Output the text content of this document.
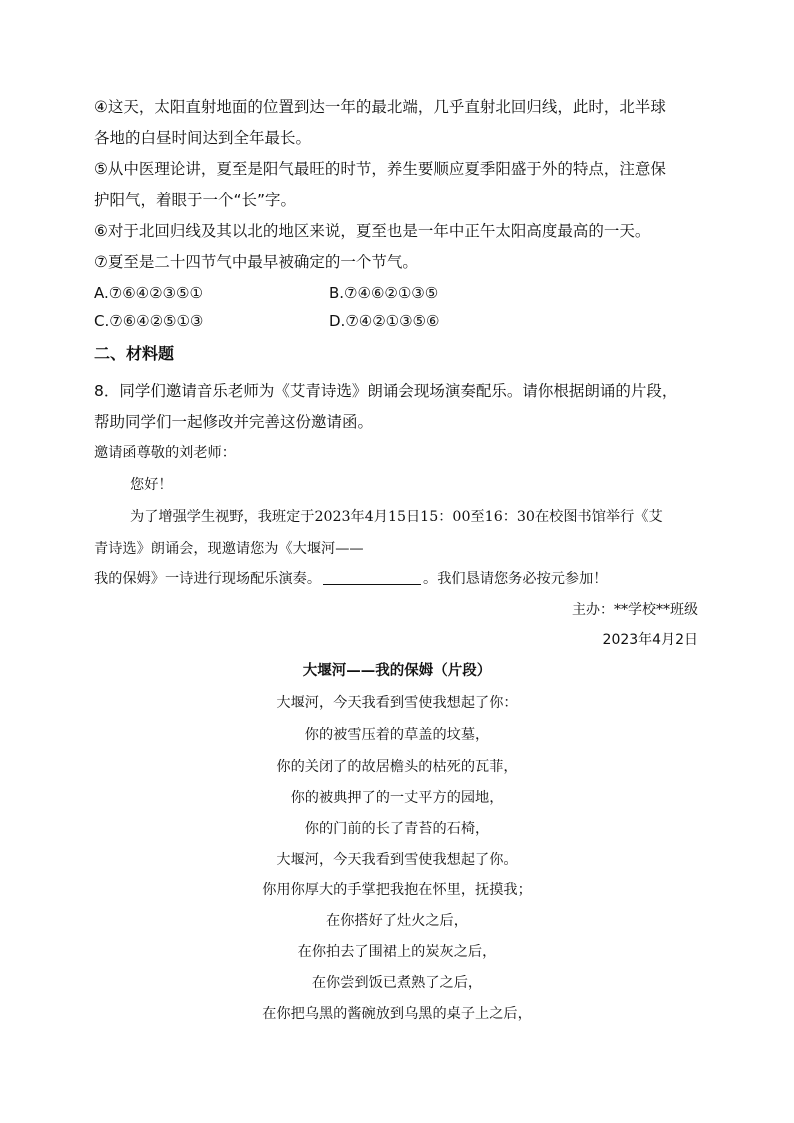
④这天，太阳直射地面的位置到达一年的最北端，几乎直射北回归线，此时，北半球
各地的白昼时间达到全年最长。
⑤从中医理论讲，夏至是阳气最旺的时节，养生要顺应夏季阳盛于外的特点，注意保
护阳气，着眼于一个“长”字。
⑥对于北回归线及其以北的地区来说，夏至也是一年中正午太阳高度最高的一天。
⑦夏至是二十四节气中最早被确定的一个节气。
A.⑦⑥④②③⑤①	B.⑦④⑥②①③⑤
C.⑦⑥④②⑤①③	D.⑦④②①③⑤⑥
二、材料题
8．同学们邀请音乐老师为《艾青诗选》朗诵会现场演奏配乐。请你根据朗诵的片段，
帮助同学们一起修改并完善这份邀请函。
邀请函尊敬的刘老师：
您好！
为了增强学生视野，我班定于2023年4月15日15：00至16：30在校图书馆举行《艾
青诗选》朗诵会，现邀请您为《大堰河——
我的保姆》一诗进行现场配乐演奏。	。我们恳请您务必按元参加！
主办：**学校**班级
2023年4月2日
大堰河——我的保姆（片段）
大堰河，今天我看到雪使我想起了你：
你的被雪压着的草盖的坟墓，
你的关闭了的故居檐头的枯死的瓦菲，
你的被典押了的一丈平方的园地，
你的门前的长了青苔的石椅，
大堰河，今天我看到雪使我想起了你。
你用你厚大的手掌把我抱在怀里，抚摸我；
在你搭好了灶火之后，
在你拍去了围裙上的炭灰之后，
在你尝到饭已煮熟了之后，
在你把乌黑的酱碗放到乌黑的桌子上之后，
